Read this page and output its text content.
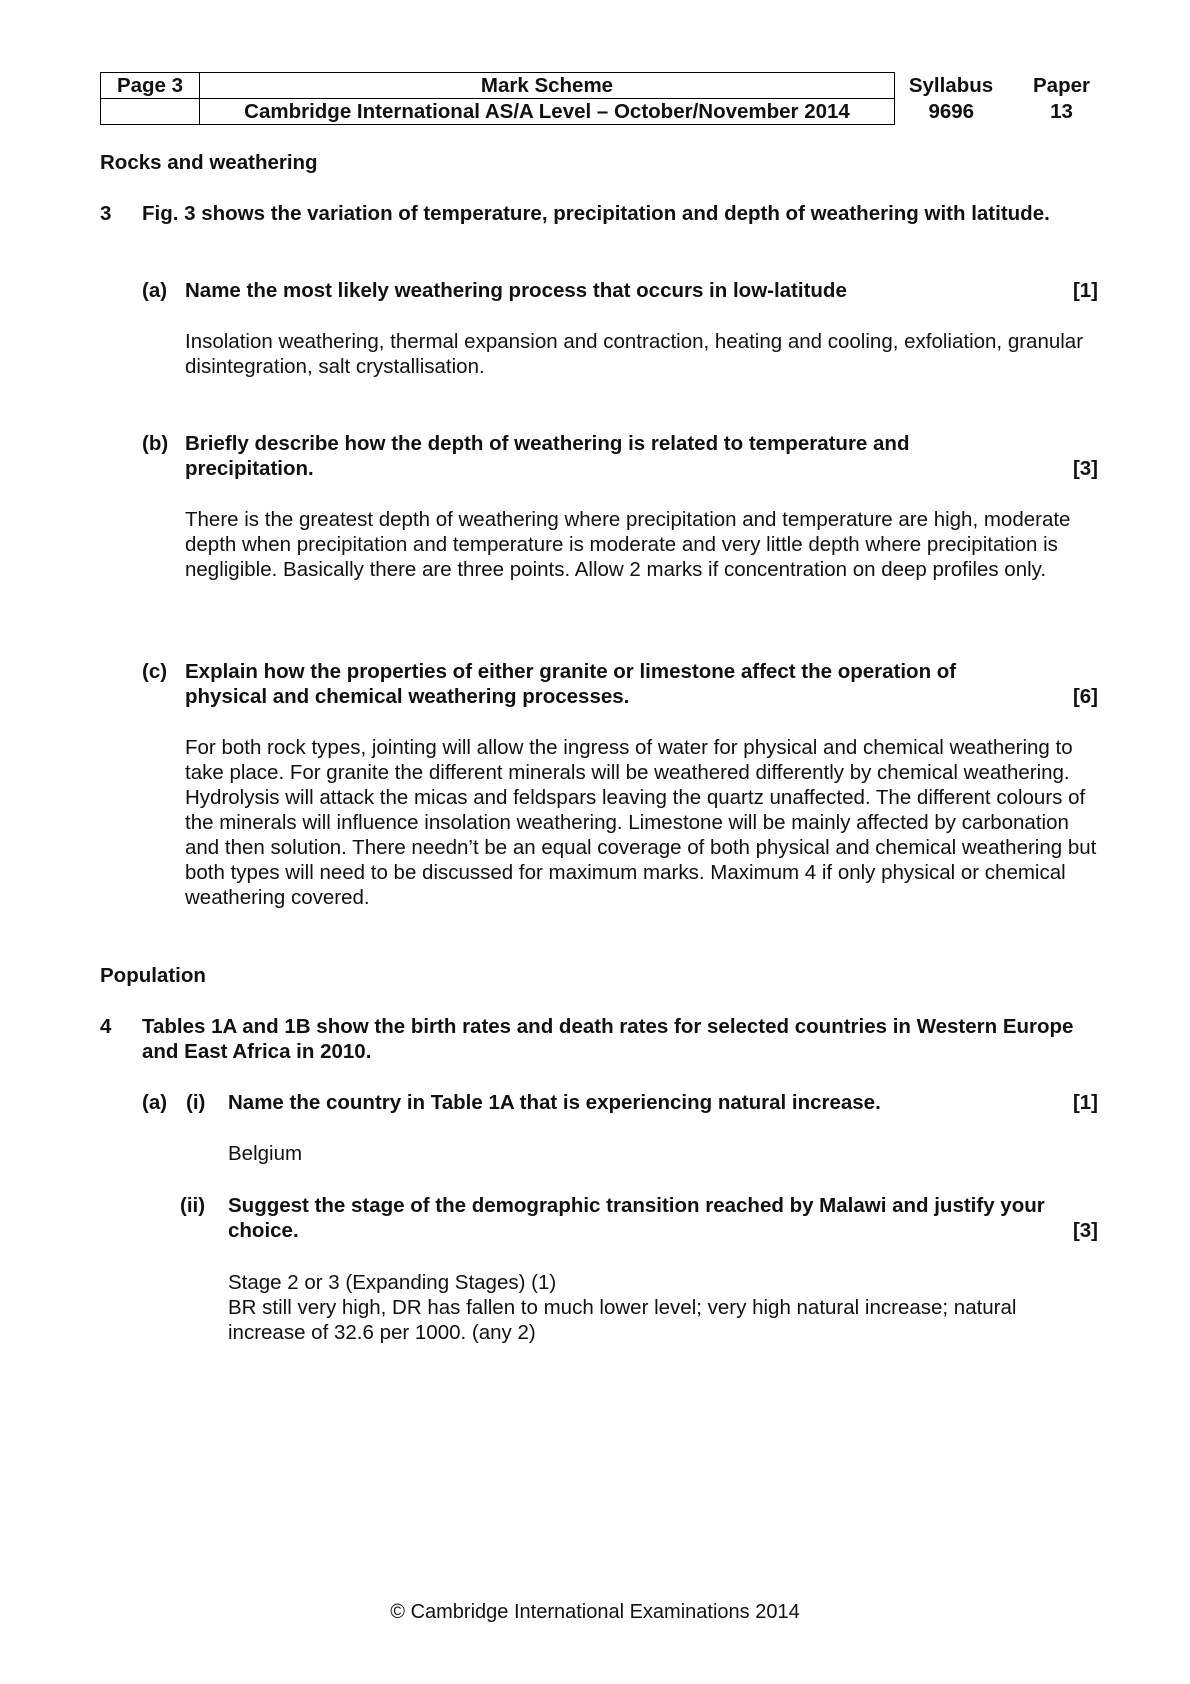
Page 3	Mark Scheme	Syllabus	Paper
	Cambridge International AS/A Level – October/November 2014	9696	13
Rocks and weathering
3 Fig. 3 shows the variation of temperature, precipitation and depth of weathering with latitude.
(a) Name the most likely weathering process that occurs in low-latitude	[1]
Insolation weathering, thermal expansion and contraction, heating and cooling, exfoliation, granular disintegration, salt crystallisation.
(b) Briefly describe how the depth of weathering is related to temperature and precipitation.	[3]
There is the greatest depth of weathering where precipitation and temperature are high, moderate depth when precipitation and temperature is moderate and very little depth where precipitation is negligible. Basically there are three points. Allow 2 marks if concentration on deep profiles only.
(c) Explain how the properties of either granite or limestone affect the operation of physical and chemical weathering processes.	[6]
For both rock types, jointing will allow the ingress of water for physical and chemical weathering to take place. For granite the different minerals will be weathered differently by chemical weathering. Hydrolysis will attack the micas and feldspars leaving the quartz unaffected. The different colours of the minerals will influence insolation weathering. Limestone will be mainly affected by carbonation and then solution. There needn’t be an equal coverage of both physical and chemical weathering but both types will need to be discussed for maximum marks. Maximum 4 if only physical or chemical weathering covered.
Population
4 Tables 1A and 1B show the birth rates and death rates for selected countries in Western Europe and East Africa in 2010.
(a) (i) Name the country in Table 1A that is experiencing natural increase.	[1]
Belgium
(ii) Suggest the stage of the demographic transition reached by Malawi and justify your choice.	[3]
Stage 2 or 3 (Expanding Stages) (1)
BR still very high, DR has fallen to much lower level; very high natural increase; natural increase of 32.6 per 1000. (any 2)
© Cambridge International Examinations 2014
